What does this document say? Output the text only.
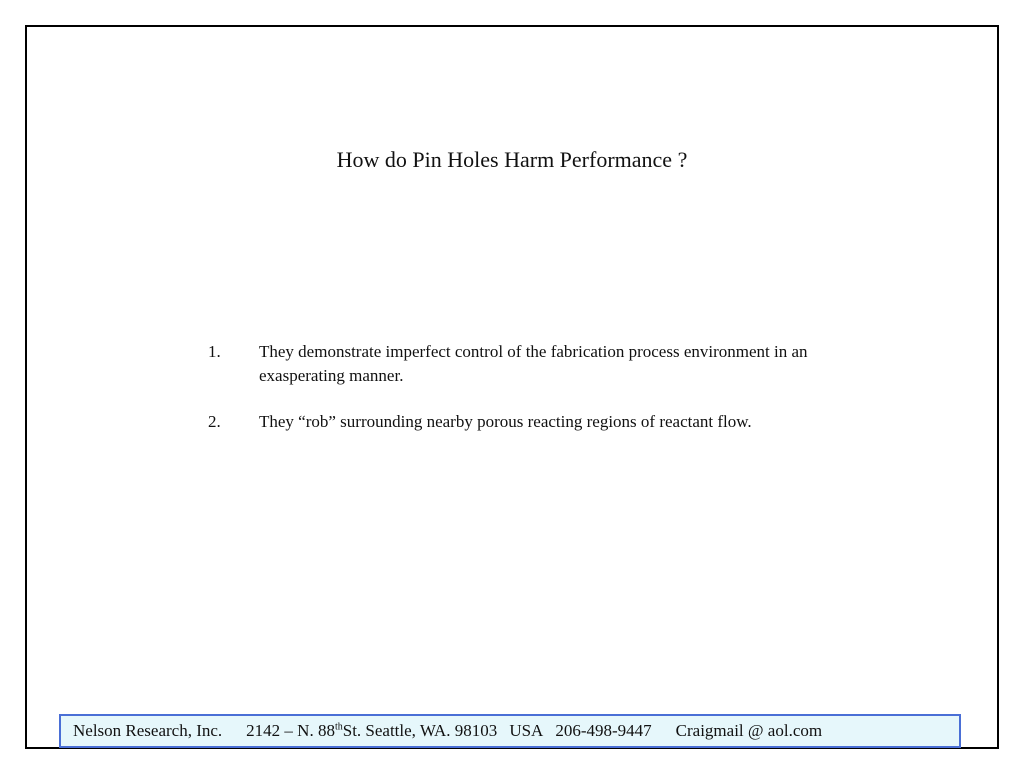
How do Pin Holes Harm Performance ?
1.	They demonstrate imperfect control of the fabrication process environment in an exasperating manner.
2.	They “rob” surrounding nearby porous reacting regions of reactant flow.
Nelson Research, Inc. 2142 – N. 88thSt. Seattle, WA. 98103 USA 206-498-9447 Craigmail @ aol.com
